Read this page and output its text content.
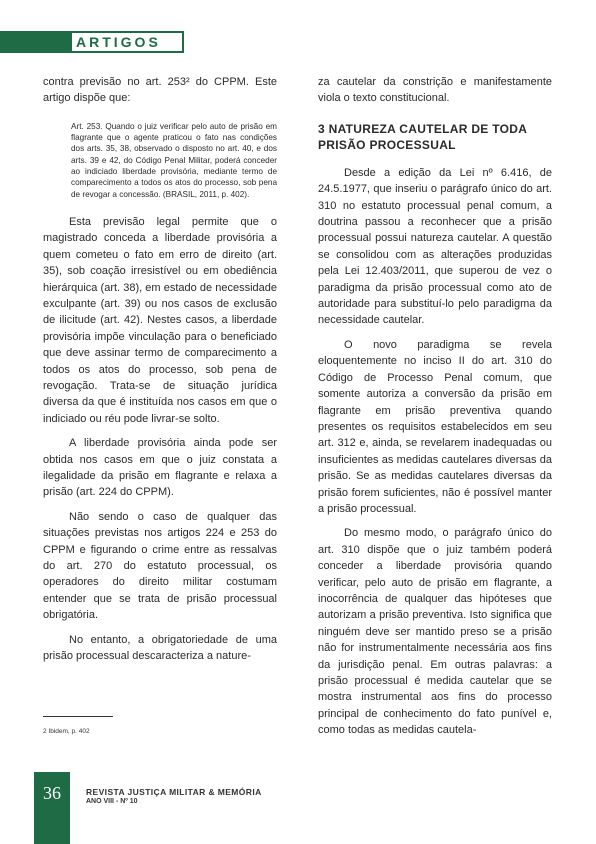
ARTIGOS

contra previsão no art. 253² do CPPM. Este artigo dispõe que:

Art. 253. Quando o juiz verificar pelo auto de prisão em flagrante que o agente praticou o fato nas condições dos arts. 35, 38, observado o disposto no art. 40, e dos arts. 39 e 42, do Código Penal Militar, poderá conceder ao indiciado liberdade provisória, mediante termo de comparecimento a todos os atos do processo, sob pena de revogar a concessão. (BRASIL, 2011, p. 402).

Esta previsão legal permite que o magistrado conceda a liberdade provisória a quem cometeu o fato em erro de direito (art. 35), sob coação irresistível ou em obediência hierárquica (art. 38), em estado de necessidade exculpante (art. 39) ou nos casos de exclusão de ilicitude (art. 42). Nestes casos, a liberdade provisória impõe vinculação para o beneficiado que deve assinar termo de comparecimento a todos os atos do processo, sob pena de revogação. Trata-se de situação jurídica diversa da que é instituída nos casos em que o indiciado ou réu pode livrar-se solto.

A liberdade provisória ainda pode ser obtida nos casos em que o juiz constata a ilegalidade da prisão em flagrante e relaxa a prisão (art. 224 do CPPM).

Não sendo o caso de qualquer das situações previstas nos artigos 224 e 253 do CPPM e figurando o crime entre as ressalvas do art. 270 do estatuto processual, os operadores do direito militar costumam entender que se trata de prisão processual obrigatória.

No entanto, a obrigatoriedade de uma prisão processual descaracteriza a nature-

za cautelar da constrição e manifestamente viola o texto constitucional.

3 NATUREZA CAUTELAR DE TODA PRISÃO PROCESSUAL

Desde a edição da Lei nº 6.416, de 24.5.1977, que inseriu o parágrafo único do art. 310 no estatuto processual penal comum, a doutrina passou a reconhecer que a prisão processual possui natureza cautelar. A questão se consolidou com as alterações produzidas pela Lei 12.403/2011, que superou de vez o paradigma da prisão processual como ato de autoridade para substituí-lo pelo paradigma da necessidade cautelar.

O novo paradigma se revela eloquentemente no inciso II do art. 310 do Código de Processo Penal comum, que somente autoriza a conversão da prisão em flagrante em prisão preventiva quando presentes os requisitos estabelecidos em seu art. 312 e, ainda, se revelarem inadequadas ou insuficientes as medidas cautelares diversas da prisão. Se as medidas cautelares diversas da prisão forem suficientes, não é possível manter a prisão processual.

Do mesmo modo, o parágrafo único do art. 310 dispõe que o juiz também poderá conceder a liberdade provisória quando verificar, pelo auto de prisão em flagrante, a inocorrência de qualquer das hipóteses que autorizam a prisão preventiva. Isto significa que ninguém deve ser mantido preso se a prisão não for instrumentalmente necessária aos fins da jurisdição penal. Em outras palavras: a prisão processual é medida cautelar que se mostra instrumental aos fins do processo principal de conhecimento do fato punível e, como todas as medidas cautela-

2 Ibidem, p. 402
36	REVISTA JUSTIÇA MILITAR & MEMÓRIA
ANO VIII - Nº 10
